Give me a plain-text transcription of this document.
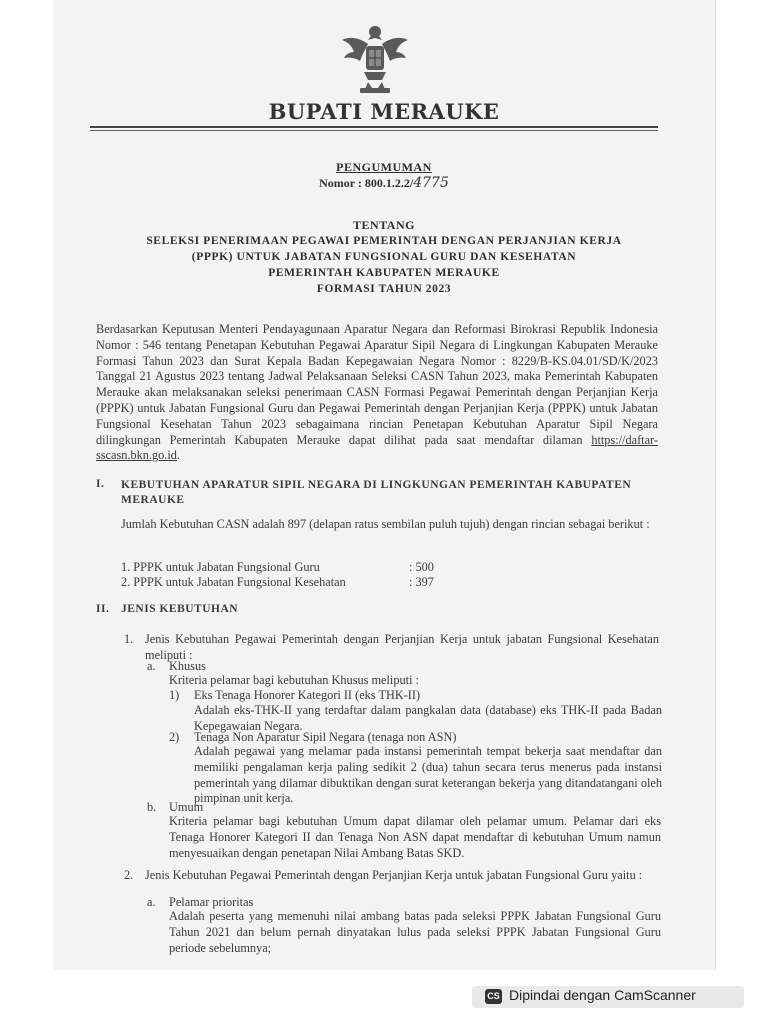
BUPATI MERAUKE
PENGUMUMAN
Nomor : 800.1.2.2/4775
TENTANG
SELEKSI PENERIMAAN PEGAWAI PEMERINTAH DENGAN PERJANJIAN KERJA
(PPPK) UNTUK JABATAN FUNGSIONAL GURU DAN KESEHATAN
PEMERINTAH KABUPATEN MERAUKE
FORMASI TAHUN 2023
Berdasarkan Keputusan Menteri Pendayagunaan Aparatur Negara dan Reformasi Birokrasi Republik Indonesia Nomor : 546 tentang Penetapan Kebutuhan Pegawai Aparatur Sipil Negara di Lingkungan Kabupaten Merauke Formasi Tahun 2023 dan Surat Kepala Badan Kepegawaian Negara Nomor : 8229/B-KS.04.01/SD/K/2023 Tanggal 21 Agustus 2023 tentang Jadwal Pelaksanaan Seleksi CASN Tahun 2023, maka Pemerintah Kabupaten Merauke akan melaksanakan seleksi penerimaan CASN Formasi Pegawai Pemerintah dengan Perjanjian Kerja (PPPK) untuk Jabatan Fungsional Guru dan Pegawai Pemerintah dengan Perjanjian Kerja (PPPK) untuk Jabatan Fungsional Kesehatan Tahun 2023 sebagaimana rincian Penetapan Kebutuhan Aparatur Sipil Negara dilingkungan Pemerintah Kabupaten Merauke dapat dilihat pada saat mendaftar dilaman https://daftar-sscasn.bkn.go.id.
I. KEBUTUHAN APARATUR SIPIL NEGARA DI LINGKUNGAN PEMERINTAH KABUPATEN MERAUKE
Jumlah Kebutuhan CASN adalah 897 (delapan ratus sembilan puluh tujuh) dengan rincian sebagai berikut :
1. PPPK untuk Jabatan Fungsional Guru	: 500
2. PPPK untuk Jabatan Fungsional Kesehatan	: 397
II. JENIS KEBUTUHAN
1. Jenis Kebutuhan Pegawai Pemerintah dengan Perjanjian Kerja untuk jabatan Fungsional Kesehatan meliputi :
a. Khusus
Kriteria pelamar bagi kebutuhan Khusus meliputi :
1) Eks Tenaga Honorer Kategori II (eks THK-II)
Adalah eks-THK-II yang terdaftar dalam pangkalan data (database) eks THK-II pada Badan Kepegawaian Negara.
2) Tenaga Non Aparatur Sipil Negara (tenaga non ASN)
Adalah pegawai yang melamar pada instansi pemerintah tempat bekerja saat mendaftar dan memiliki pengalaman kerja paling sedikit 2 (dua) tahun secara terus menerus pada instansi pemerintah yang dilamar dibuktikan dengan surat keterangan bekerja yang ditandatangani oleh pimpinan unit kerja.
b. Umum
Kriteria pelamar bagi kebutuhan Umum dapat dilamar oleh pelamar umum. Pelamar dari eks Tenaga Honorer Kategori II dan Tenaga Non ASN dapat mendaftar di kebutuhan Umum namun menyesuaikan dengan penetapan Nilai Ambang Batas SKD.
2. Jenis Kebutuhan Pegawai Pemerintah dengan Perjanjian Kerja untuk jabatan Fungsional Guru yaitu :
a. Pelamar prioritas
Adalah peserta yang memenuhi nilai ambang batas pada seleksi PPPK Jabatan Fungsional Guru Tahun 2021 dan belum pernah dinyatakan lulus pada seleksi PPPK Jabatan Fungsional Guru periode sebelumnya;
CS Dipindai dengan CamScanner
